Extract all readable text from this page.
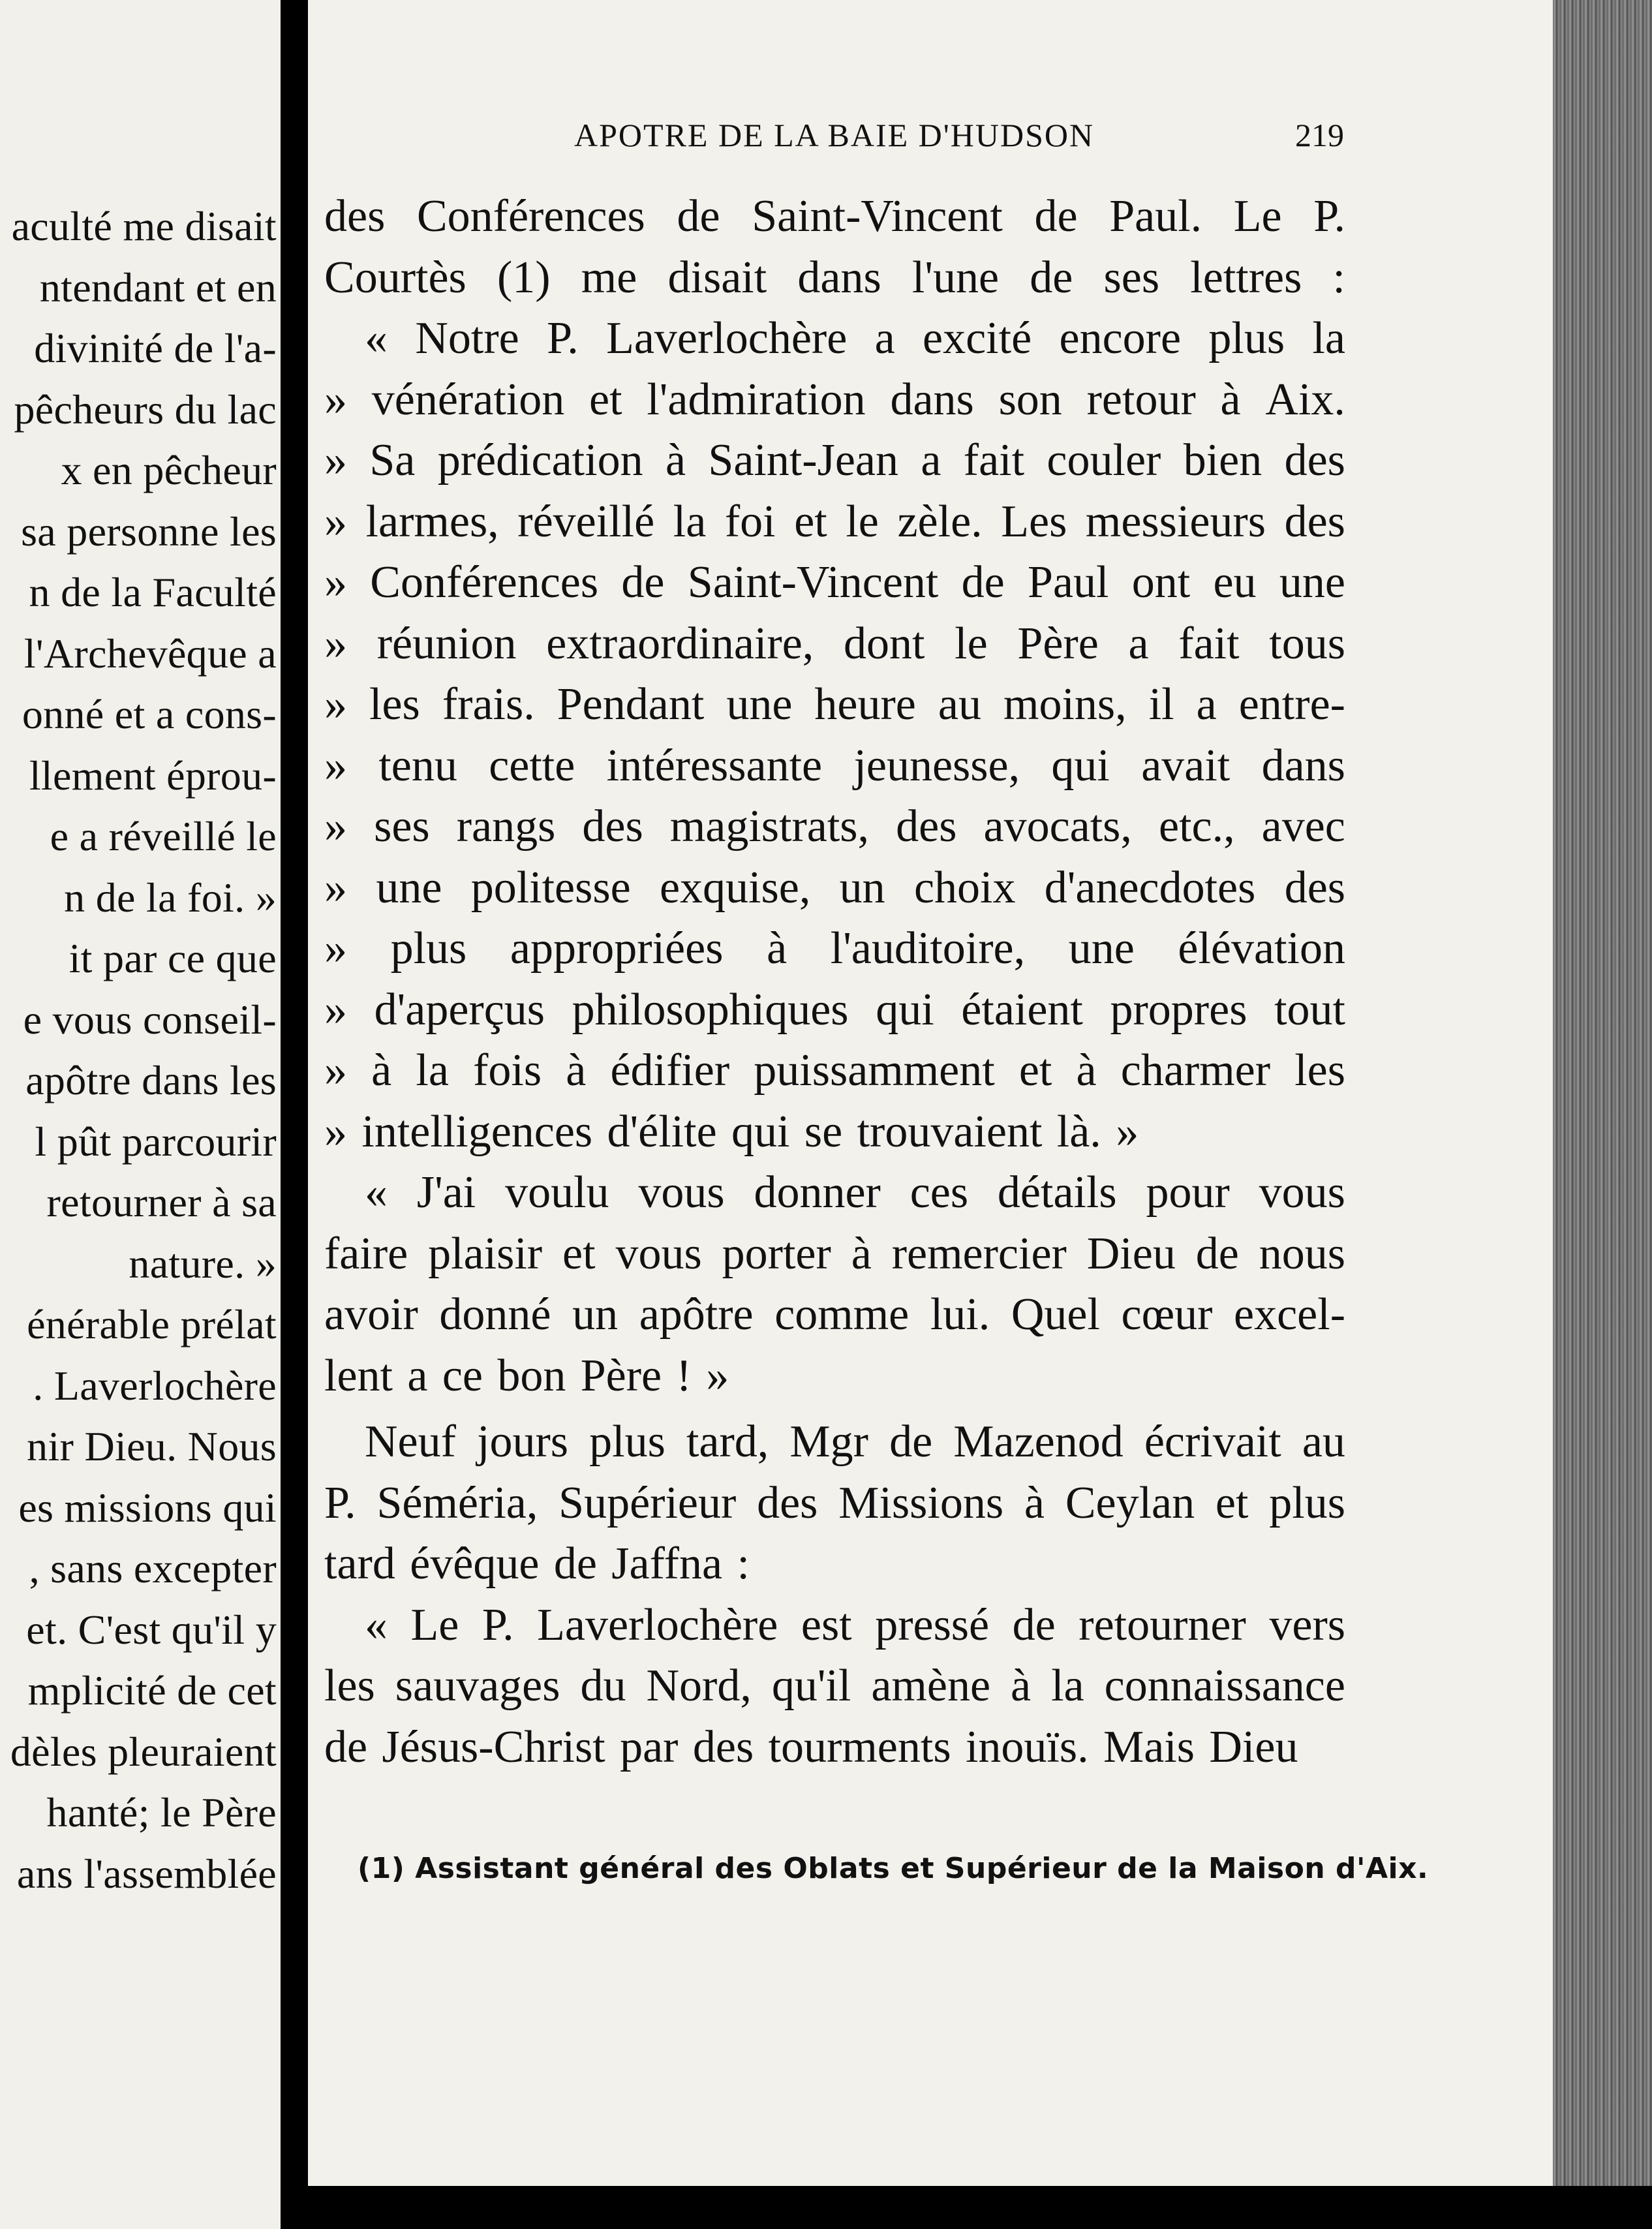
aculté me disait
ntendant et en
divinité de l'a-
pêcheurs du lac
x en pêcheur
sa personne les
n de la Faculté
l'Archevêque a
onné et a cons-
llement éprou-
e a réveillé le
n de la foi. »
it par ce que
e vous conseil-
apôtre dans les
l pût parcourir
retourner à sa
nature. »
énérable prélat
. Laverlochère
nir Dieu. Nous
es missions qui
, sans excepter
et. C'est qu'il y
mplicité de cet
dèles pleuraient
hanté; le Père
ans l'assemblée
APOTRE DE LA BAIE D'HUDSON	219
des Conférences de Saint-Vincent de Paul. Le P.
Courtès (1) me disait dans l'une de ses lettres :
« Notre P. Laverlochère a excité encore plus la
» vénération et l'admiration dans son retour à Aix.
» Sa prédication à Saint-Jean a fait couler bien des
» larmes, réveillé la foi et le zèle. Les messieurs des
» Conférences de Saint-Vincent de Paul ont eu une
» réunion extraordinaire, dont le Père a fait tous
» les frais. Pendant une heure au moins, il a entre-
» tenu cette intéressante jeunesse, qui avait dans
» ses rangs des magistrats, des avocats, etc., avec
» une politesse exquise, un choix d'anecdotes des
» plus appropriées à l'auditoire, une élévation
» d'aperçus philosophiques qui étaient propres tout
» à la fois à édifier puissamment et à charmer les
» intelligences d'élite qui se trouvaient là. »
« J'ai voulu vous donner ces détails pour vous
faire plaisir et vous porter à remercier Dieu de nous
avoir donné un apôtre comme lui. Quel cœur excel-
lent a ce bon Père ! »
Neuf jours plus tard, Mgr de Mazenod écrivait au
P. Séméria, Supérieur des Missions à Ceylan et plus
tard évêque de Jaffna :
« Le P. Laverlochère est pressé de retourner vers
les sauvages du Nord, qu'il amène à la connaissance
de Jésus-Christ par des tourments inouïs. Mais Dieu
(1) Assistant général des Oblats et Supérieur de la Maison d'Aix.
